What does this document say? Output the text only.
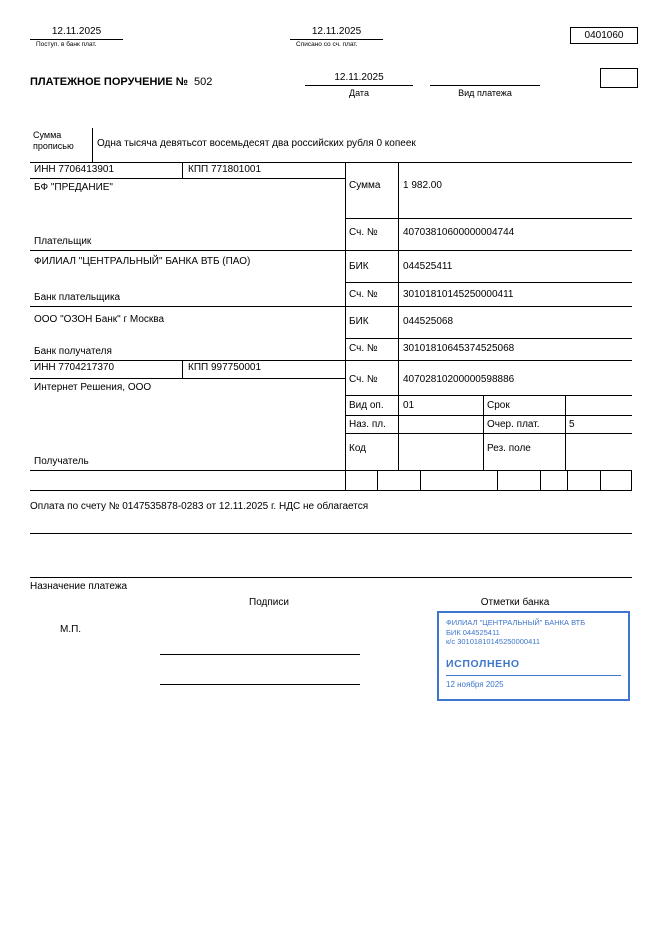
12.11.2025
Поступ. в банк плат.
12.11.2025
Списано со сч. плат.
0401060
ПЛАТЕЖНОЕ ПОРУЧЕНИЕ № 502	12.11.2025
Дата	Вид платежа
Сумма прописью	Одна тысяча девятьсот восемьдесят два российских рубля 0 копеек
ИНН 7706413901	КПП 771801001
БФ "ПРЕДАНИЕ"
Плательщик
ФИЛИАЛ "ЦЕНТРАЛЬНЫЙ" БАНКА ВТБ (ПАО)
Банк плательщика
ООО "ОЗОН Банк" г Москва
Банк получателя
ИНН 7704217370	КПП 997750001
Интернет Решения, ООО
Получатель
Сумма 1 982.00
Сч. №	40703810600000004744
БИК	044525411
Сч. №	30101810145250000411
БИК	044525068
Сч. №	30101810645374525068
Сч. №	40702810200000598886
Вид оп. 01	Срок
Наз. пл.	Очер. плат.	5
Код	Рез. поле
Оплата по счету № 0147535878-0283 от 12.11.2025 г. НДС не облагается
Назначение платежа
Подписи	Отметки банка
М.П.
ФИЛИАЛ "ЦЕНТРАЛЬНЫЙ" БАНКА ВТБ
БИК 044525411
к/с 30101810145250000411
ИСПОЛНЕНО
12 ноября 2025
